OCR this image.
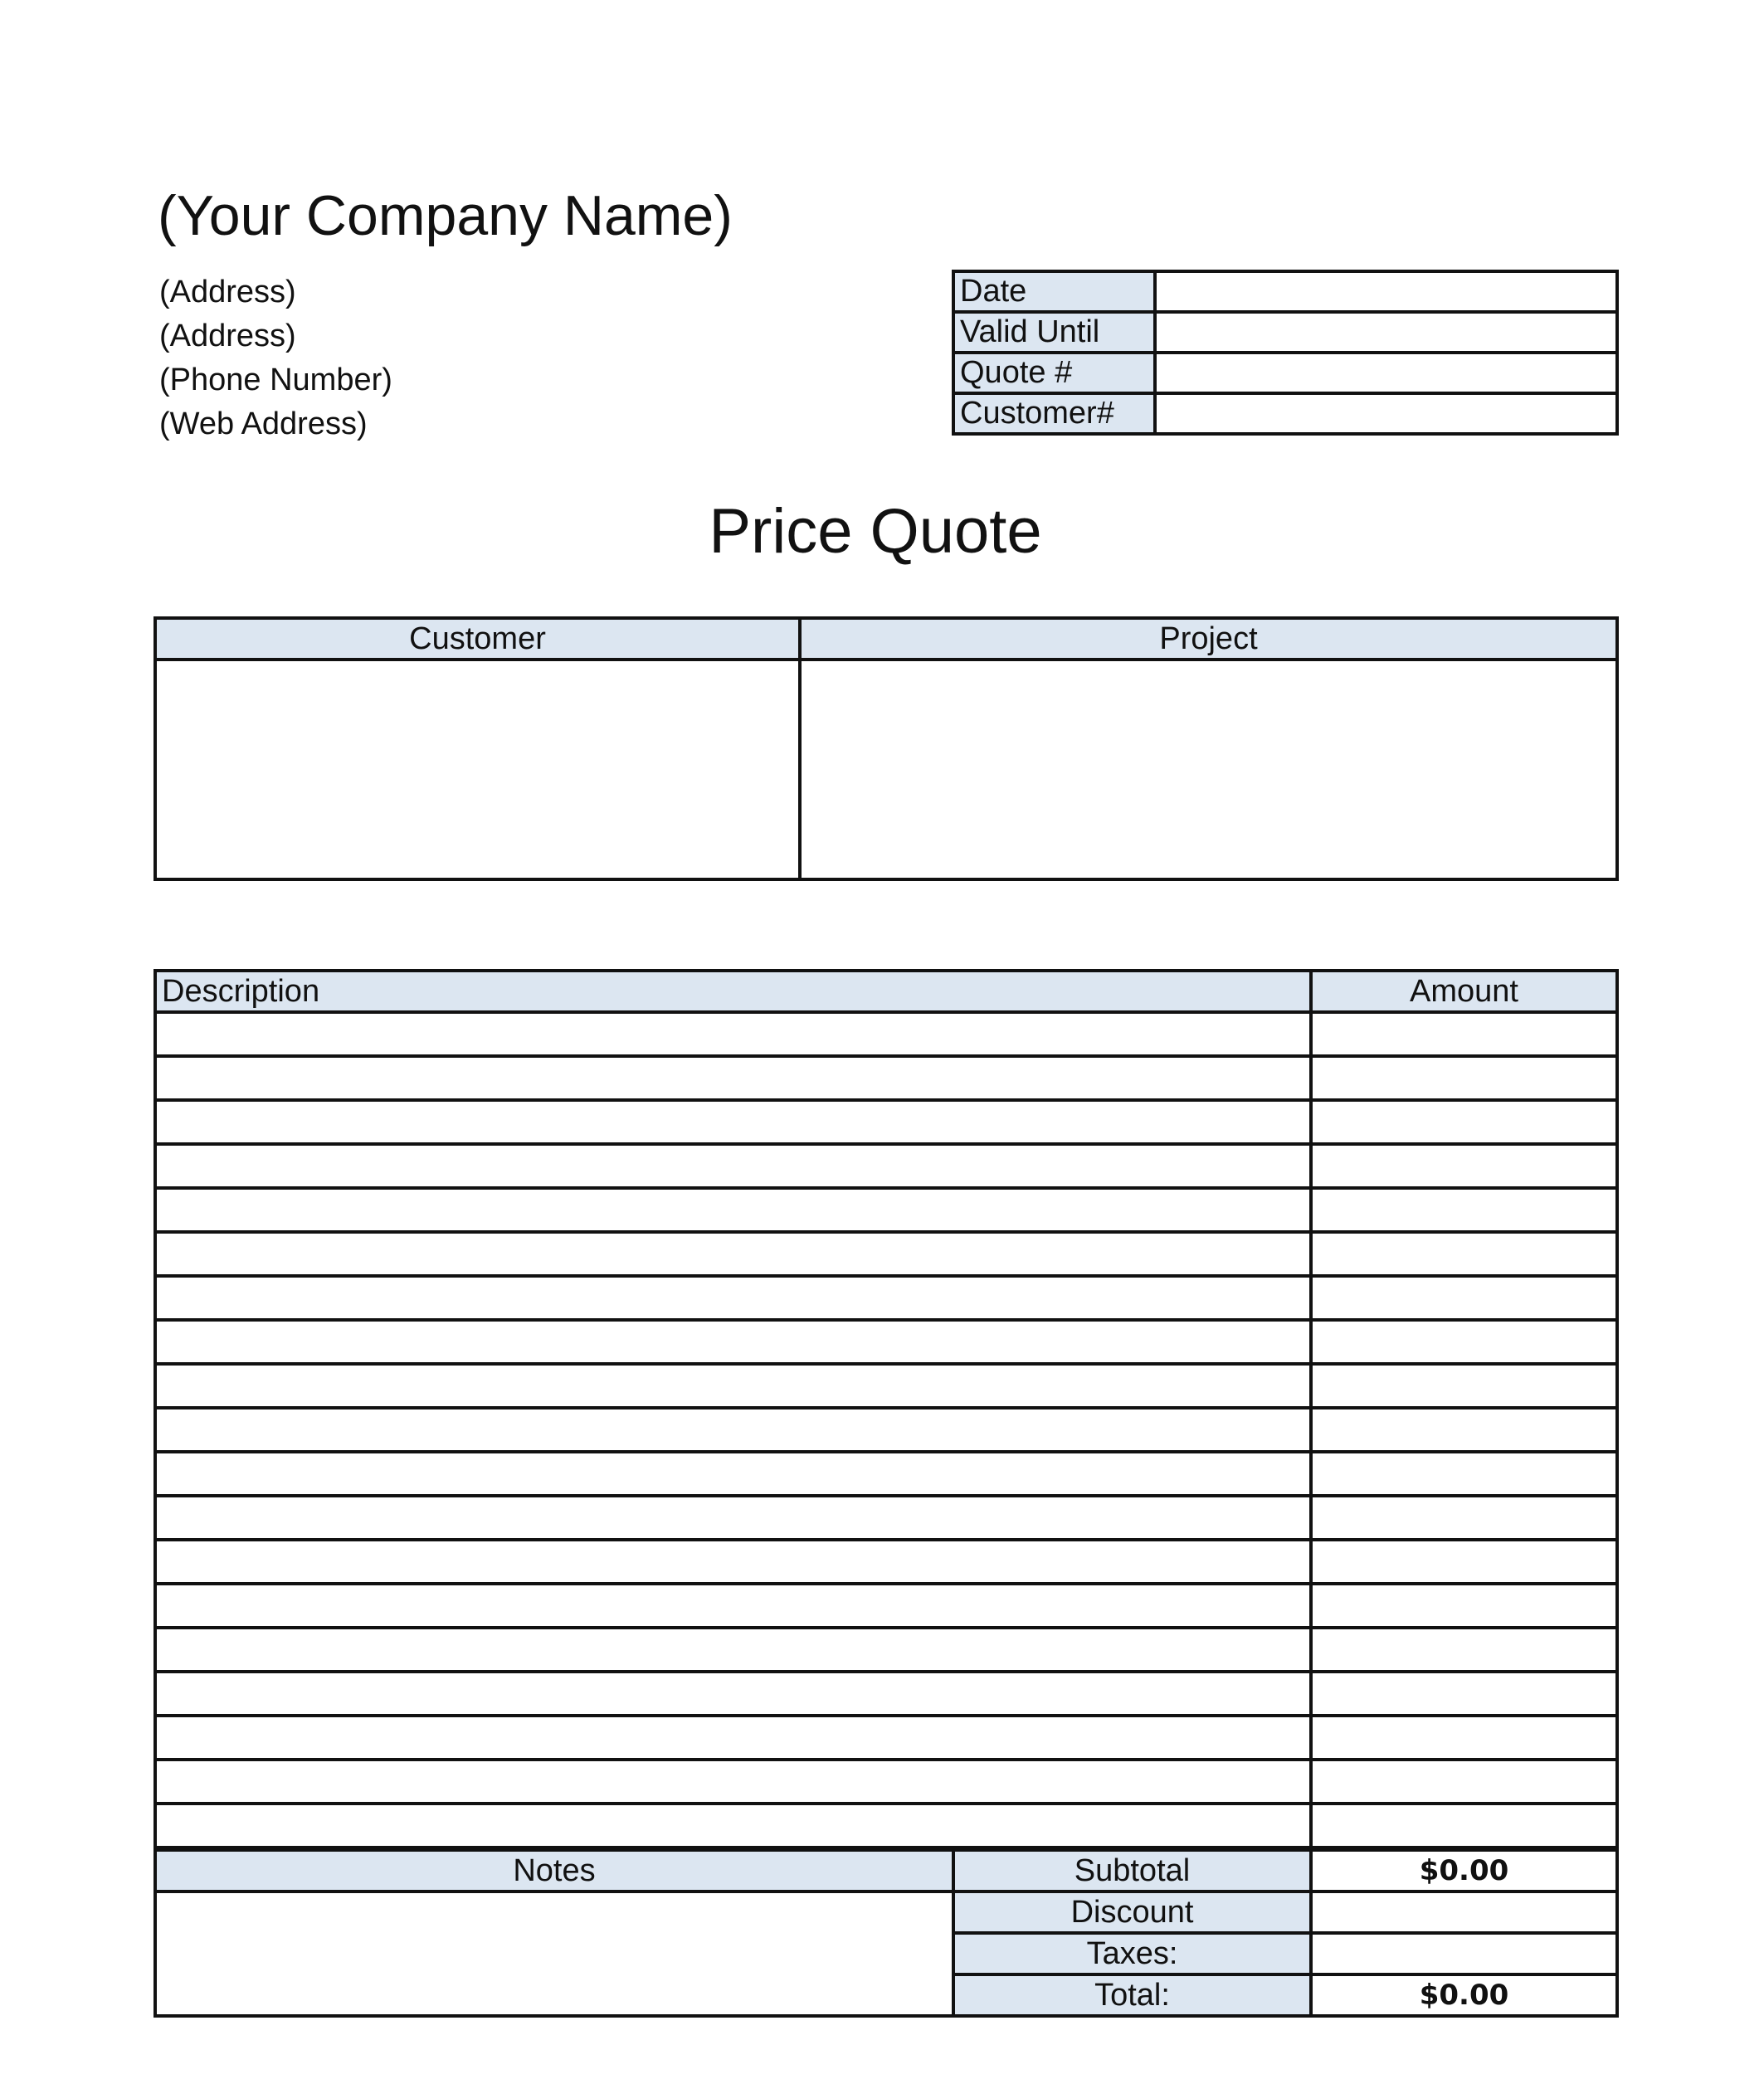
(Your Company Name)
(Address)
(Address)
(Phone Number)
(Web Address)
Date	
Valid Until	
Quote #	
Customer#	
Price Quote
Customer	Project

Description	Amount

Notes	Subtotal	$0.00
	Discount	
	Taxes:	
	Total:	$0.00
